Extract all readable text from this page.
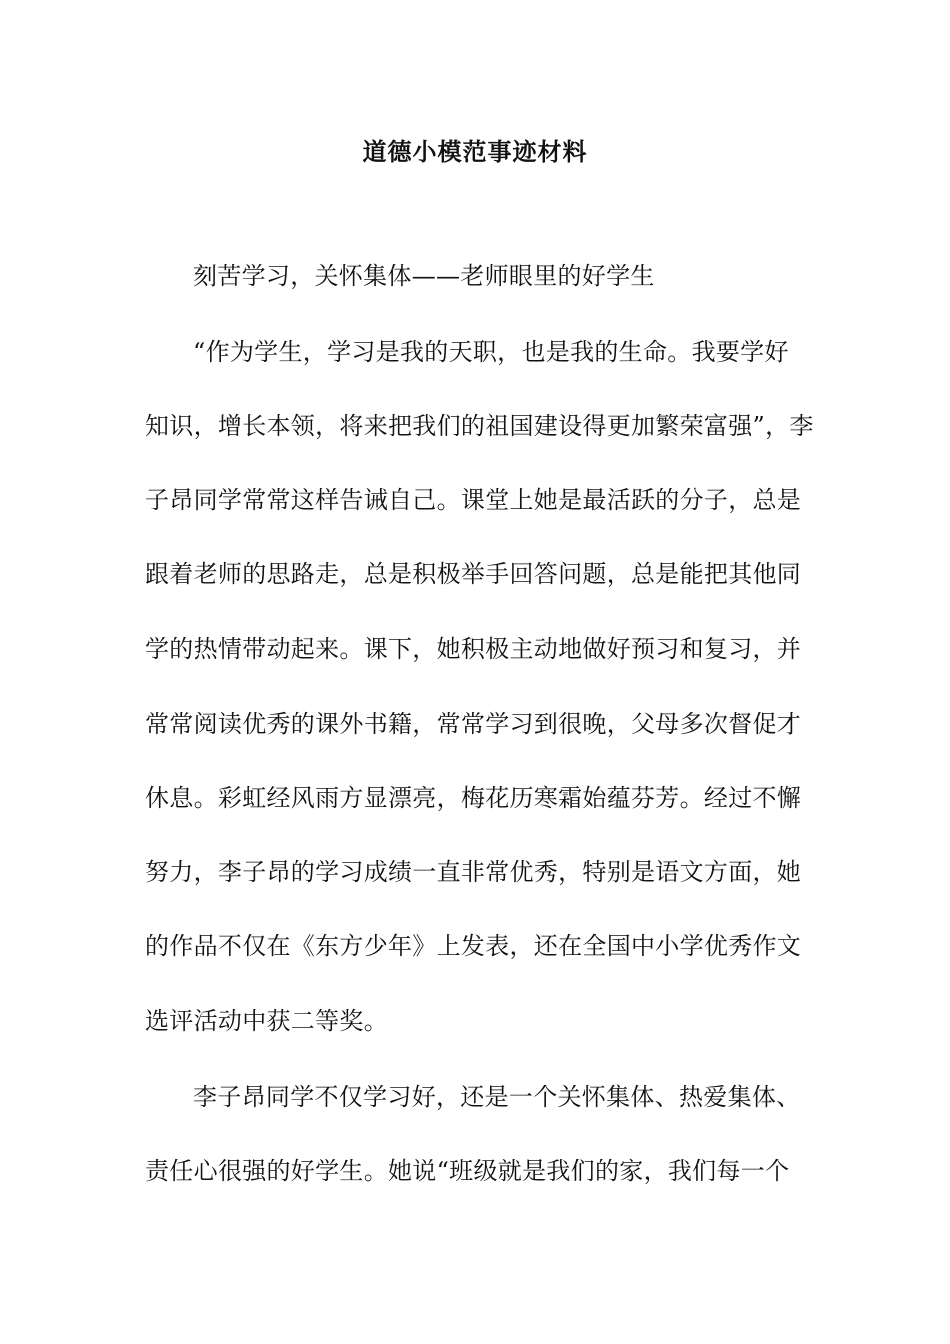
道德小模范事迹材料
刻苦学习，关怀集体——老师眼里的好学生
“作为学生，学习是我的天职，也是我的生命。我要学好
知识，增长本领，将来把我们的祖国建设得更加繁荣富强”，李
子昂同学常常这样告诫自己。课堂上她是最活跃的分子，总是
跟着老师的思路走，总是积极举手回答问题，总是能把其他同
学的热情带动起来。课下，她积极主动地做好预习和复习，并
常常阅读优秀的课外书籍，常常学习到很晚，父母多次督促才
休息。彩虹经风雨方显漂亮，梅花历寒霜始蕴芬芳。经过不懈
努力，李子昂的学习成绩一直非常优秀，特别是语文方面，她
的作品不仅在《东方少年》上发表，还在全国中小学优秀作文
选评活动中获二等奖。
李子昂同学不仅学习好，还是一个关怀集体、热爱集体、
责任心很强的好学生。她说“班级就是我们的家，我们每一个
